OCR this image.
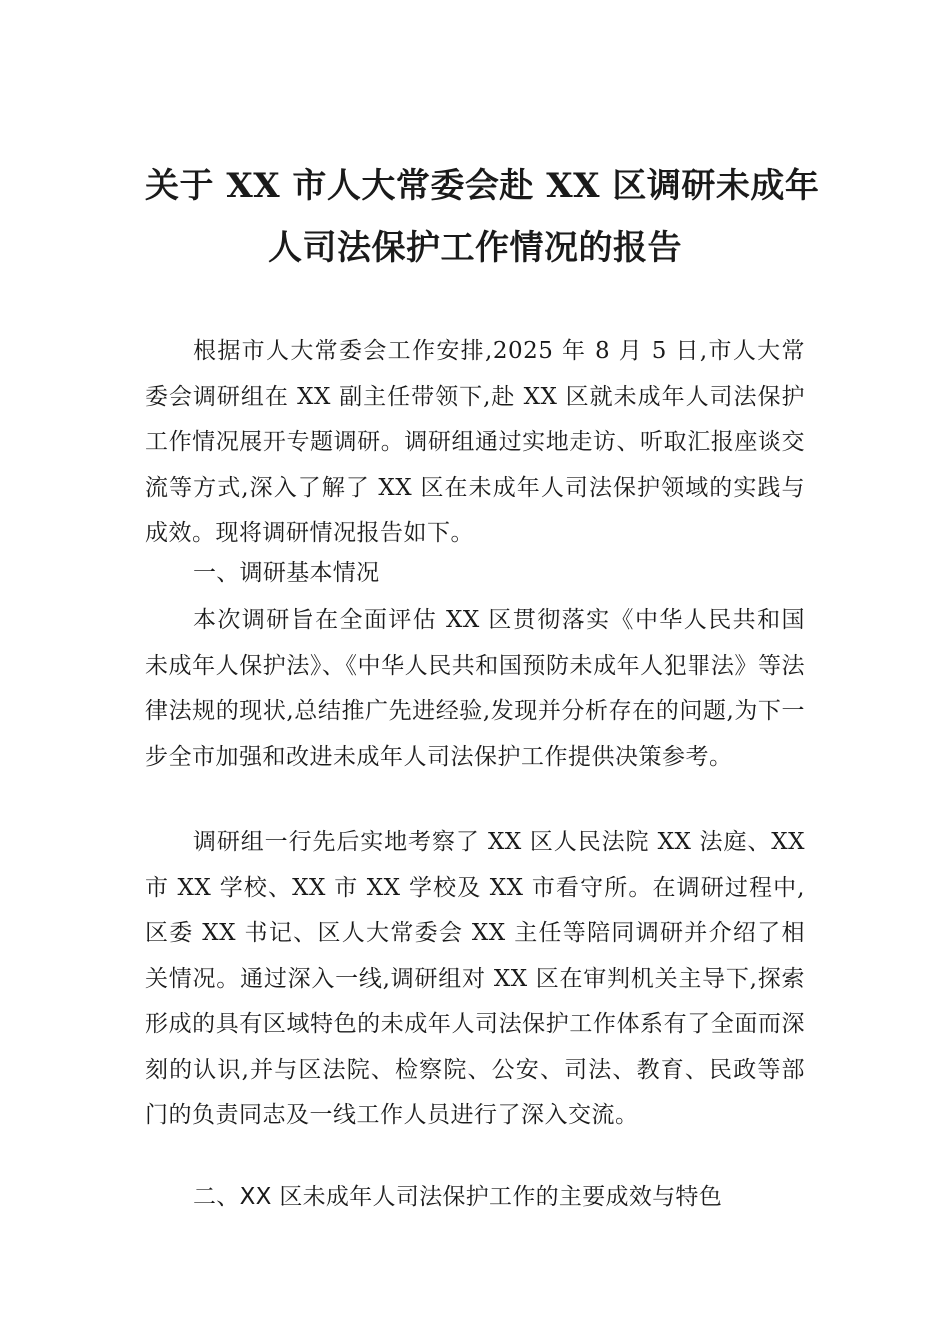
关于 XX 市人大常委会赴 XX 区调研未成年
人司法保护工作情况的报告

根据市人大常委会工作安排,2025 年 8 月 5 日,市人大常委会调研组在 XX 副主任带领下,赴 XX 区就未成年人司法保护工作情况展开专题调研。调研组通过实地走访、听取汇报座谈交流等方式,深入了解了 XX 区在未成年人司法保护领域的实践与成效。现将调研情况报告如下。

一、调研基本情况

本次调研旨在全面评估 XX 区贯彻落实《中华人民共和国未成年人保护法》、《中华人民共和国预防未成年人犯罪法》等法律法规的现状,总结推广先进经验,发现并分析存在的问题,为下一步全市加强和改进未成年人司法保护工作提供决策参考。

调研组一行先后实地考察了 XX 区人民法院 XX 法庭、XX 市 XX 学校、XX 市 XX 学校及 XX 市看守所。在调研过程中,区委 XX 书记、区人大常委会 XX 主任等陪同调研并介绍了相关情况。通过深入一线,调研组对 XX 区在审判机关主导下,探索形成的具有区域特色的未成年人司法保护工作体系有了全面而深刻的认识,并与区法院、检察院、公安、司法、教育、民政等部门的负责同志及一线工作人员进行了深入交流。

二、XX 区未成年人司法保护工作的主要成效与特色
